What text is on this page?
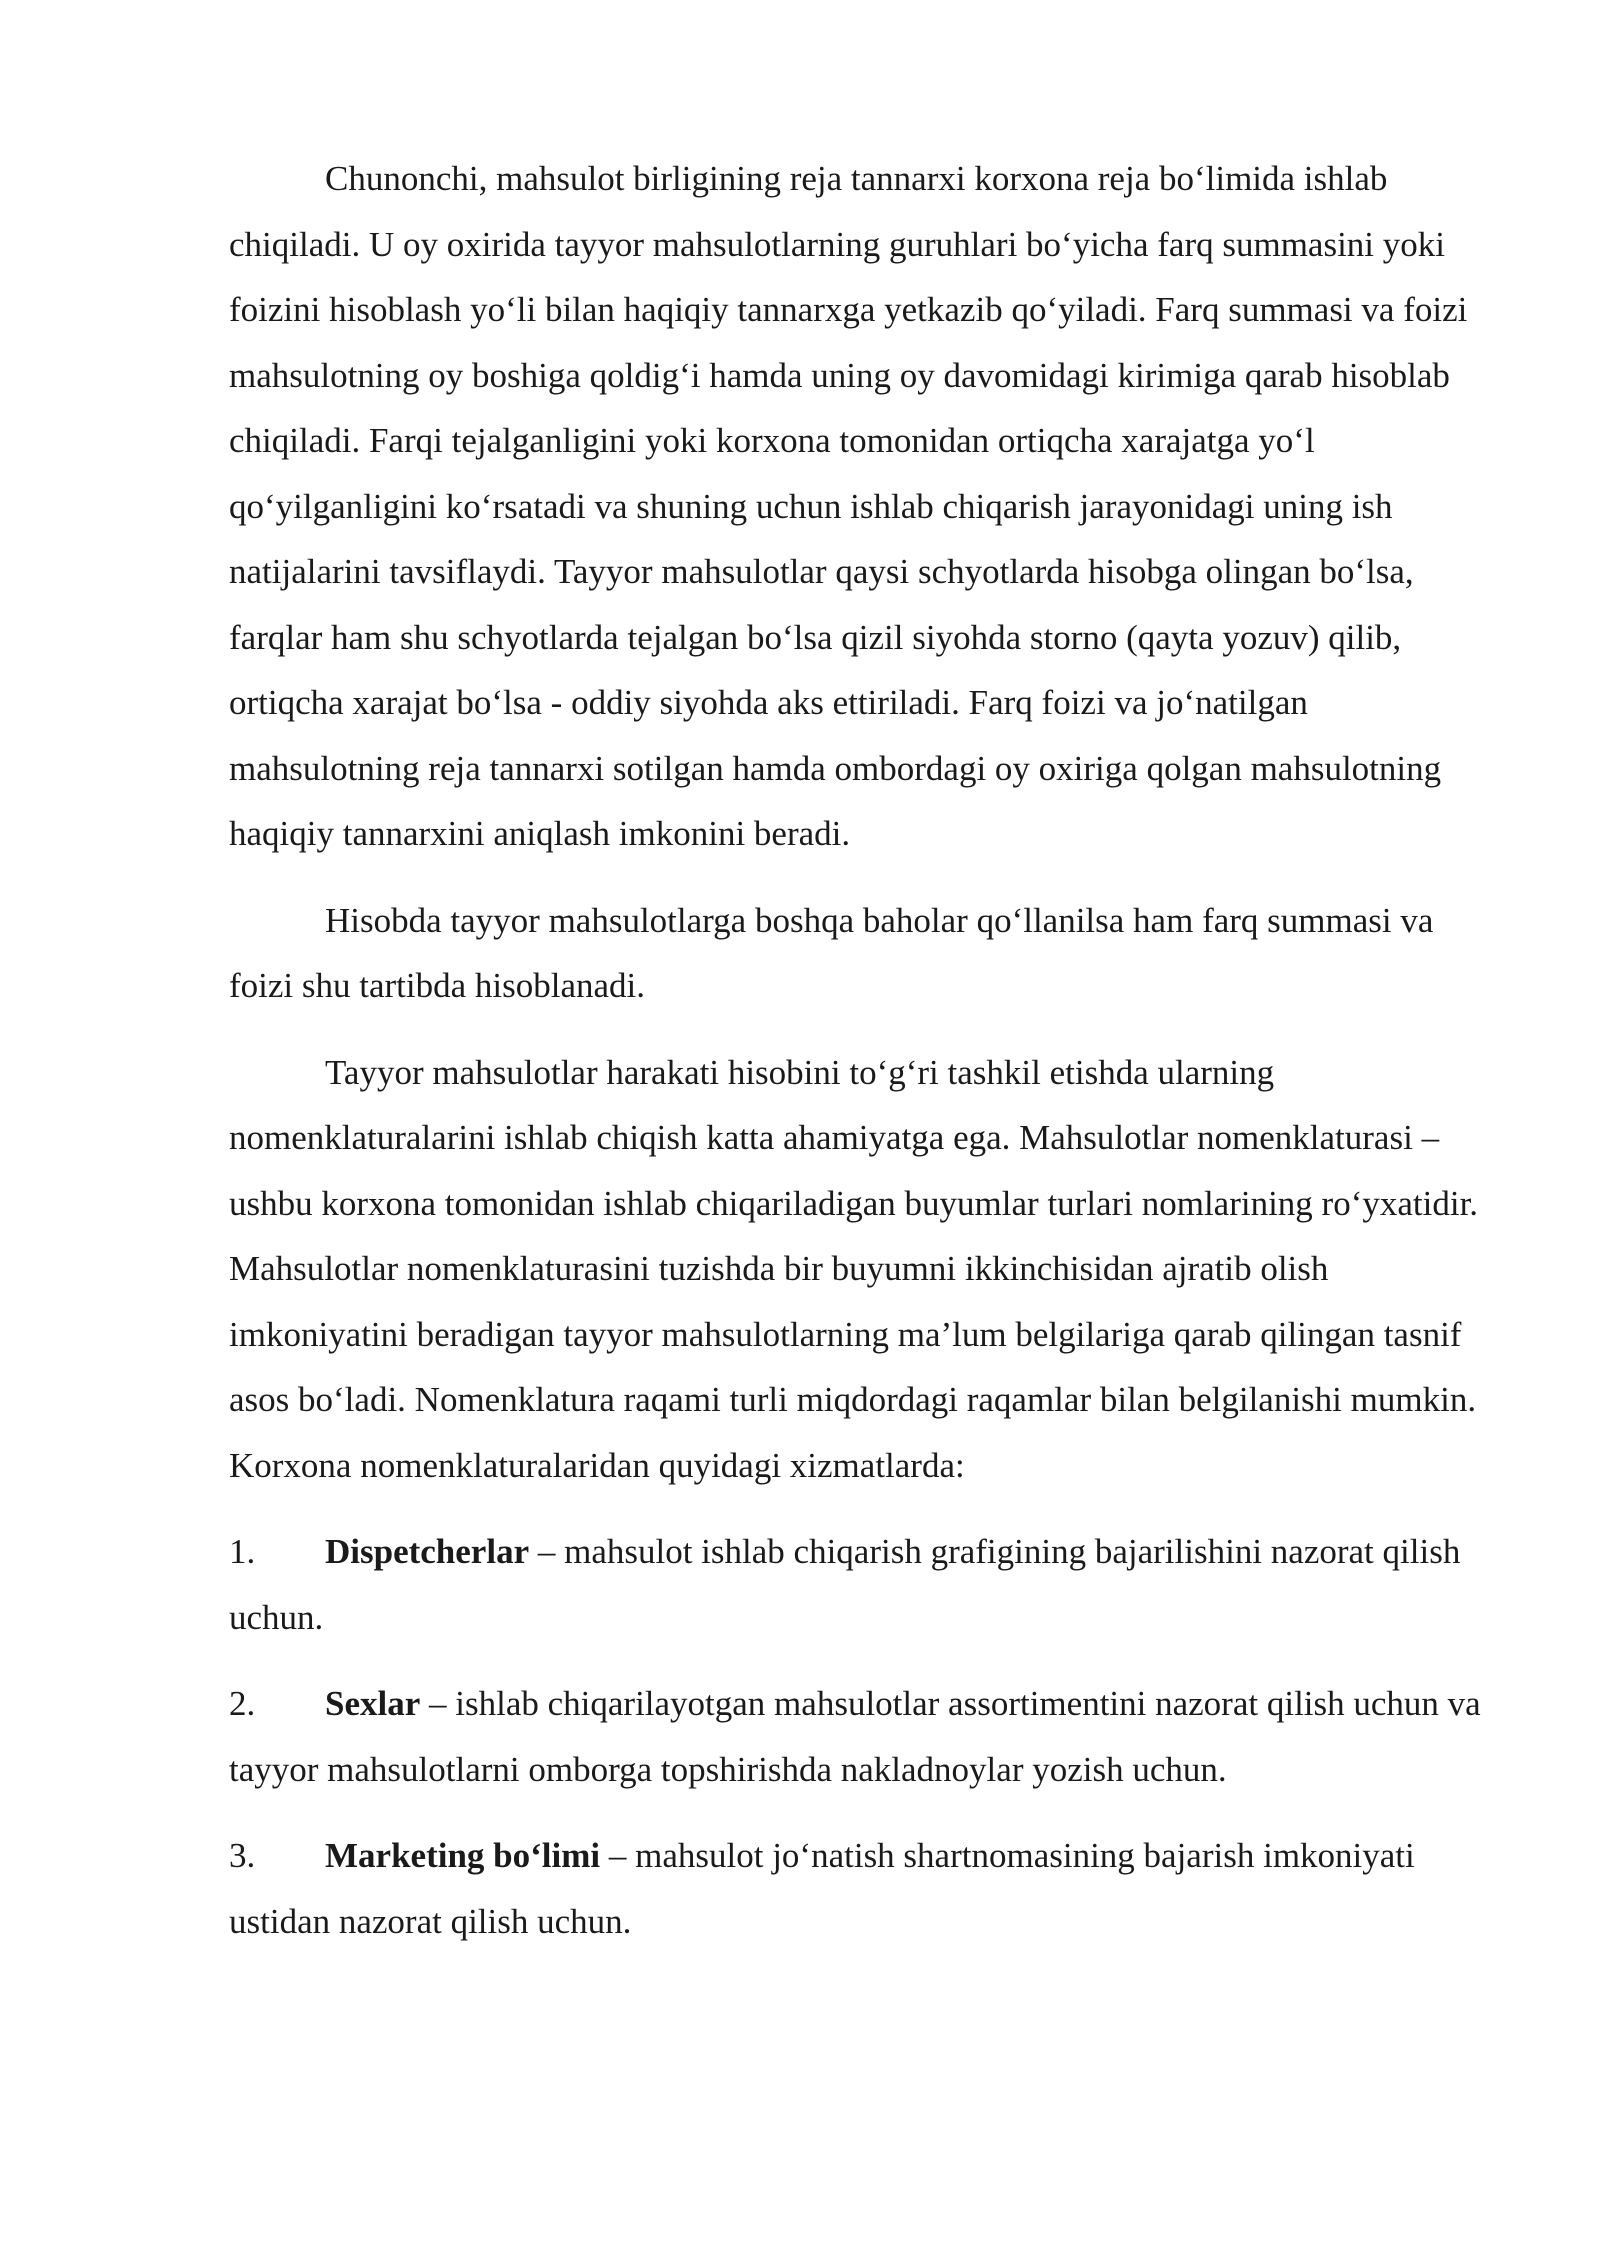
Chunonchi, mahsulot birligining reja tannarxi korxona reja bo‘limida ishlab chiqiladi. U oy oxirida tayyor mahsulotlarning guruhlari bo‘yicha farq summasini yoki foizini hisoblash yo‘li bilan haqiqiy tannarxga yetkazib qo‘yiladi. Farq summasi va foizi mahsulotning oy boshiga qoldig‘i hamda uning oy davomidagi kirimiga qarab hisoblab chiqiladi. Farqi tejalganligini yoki korxona tomonidan ortiqcha xarajatga yo‘l qo‘yilganligini ko‘rsatadi va shuning uchun ishlab chiqarish jarayonidagi uning ish natijalarini tavsiflaydi. Tayyor mahsulotlar qaysi schyotlarda hisobga olingan bo‘lsa, farqlar ham shu schyotlarda tejalgan bo‘lsa qizil siyohda storno (qayta yozuv) qilib, ortiqcha xarajat bo‘lsa - oddiy siyohda aks ettiriladi. Farq foizi va jo‘natilgan mahsulotning reja tannarxi sotilgan hamda ombordagi oy oxiriga qolgan mahsulotning haqiqiy tannarxini aniqlash imkonini beradi.

Hisobda tayyor mahsulotlarga boshqa baholar qo‘llanilsa ham farq summasi va foizi shu tartibda hisoblanadi.

Tayyor mahsulotlar harakati hisobini to‘g‘ri tashkil etishda ularning nomenklaturalarini ishlab chiqish katta ahamiyatga ega. Mahsulotlar nomenklaturasi – ushbu korxona tomonidan ishlab chiqariladigan buyumlar turlari nomlarining ro‘yxatidir. Mahsulotlar nomenklaturasini tuzishda bir buyumni ikkinchisidan ajratib olish imkoniyatini beradigan tayyor mahsulotlarning ma’lum belgilariga qarab qilingan tasnif asos bo‘ladi. Nomenklatura raqami turli miqdordagi raqamlar bilan belgilanishi mumkin. Korxona nomenklaturalaridan quyidagi xizmatlarda:

1. Dispetcherlar – mahsulot ishlab chiqarish grafigining bajarilishini nazorat qilish uchun.
2. Sexlar – ishlab chiqarilayotgan mahsulotlar assortimentini nazorat qilish uchun va tayyor mahsulotlarni omborga topshirishda nakladnoylar yozish uchun.
3. Marketing bo‘limi – mahsulot jo‘natish shartnomasining bajarish imkoniyati ustidan nazorat qilish uchun.
